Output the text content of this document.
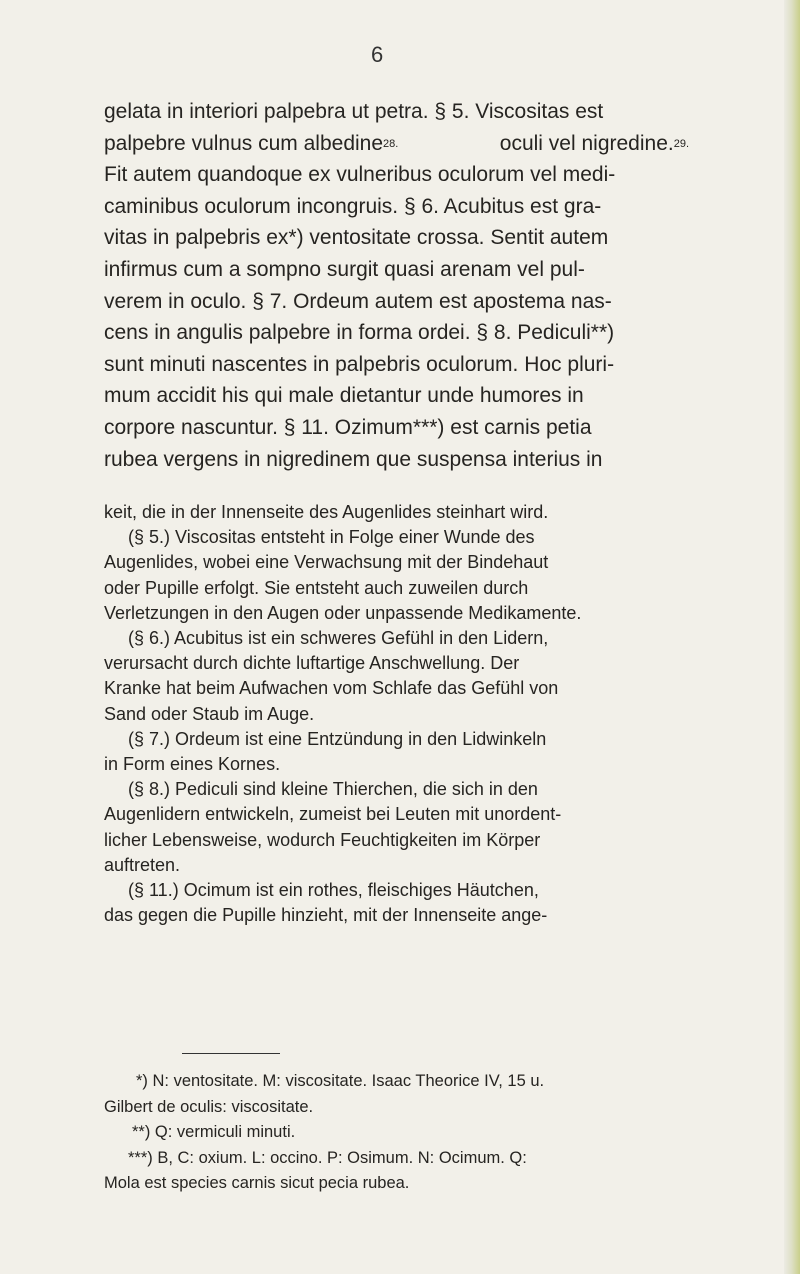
6
gelata in interiori palpebra ut petra. § 5. Viscositas est
palpebre vulnus cum albedine$^{28.}$	oculi vel nigredine.$^{29.}$
Fit autem quandoque ex vulneribus oculorum vel medi-
caminibus oculorum incongruis. § 6. Acubitus est gra-
vitas in palpebris ex*) ventositate crossa. Sentit autem
infirmus cum a sompno surgit quasi arenam vel pul-
verem in oculo. § 7. Ordeum autem est apostema nas-
cens in angulis palpebre in forma ordei. § 8. Pediculi**)
sunt minuti nascentes in palpebris oculorum. Hoc pluri-
mum accidit his qui male dietantur unde humores in
corpore nascuntur. § 11. Ozimum***) est carnis petia
rubea vergens in nigredinem que suspensa interius in
keit, die in der Innenseite des Augenlides steinhart wird.
(§ 5.) Viscositas entsteht in Folge einer Wunde des
Augenlides, wobei eine Verwachsung mit der Bindehaut
oder Pupille erfolgt. Sie entsteht auch zuweilen durch
Verletzungen in den Augen oder unpassende Medikamente.
(§ 6.) Acubitus ist ein schweres Gefühl in den Lidern,
verursacht durch dichte luftartige Anschwellung. Der
Kranke hat beim Aufwachen vom Schlafe das Gefühl von
Sand oder Staub im Auge.
(§ 7.) Ordeum ist eine Entzündung in den Lidwinkeln
in Form eines Kornes.
(§ 8.) Pediculi sind kleine Thierchen, die sich in den
Augenlidern entwickeln, zumeist bei Leuten mit unordent-
licher Lebensweise, wodurch Feuchtigkeiten im Körper
auftreten.
(§ 11.) Ocimum ist ein rothes, fleischiges Häutchen,
das gegen die Pupille hinzieht, mit der Innenseite ange-
*) N: ventositate. M: viscositate. Isaac Theorice IV, 15 u.
Gilbert de oculis: viscositate.
**) Q: vermiculi minuti.
***) B, C: oxium. L: occino. P: Osimum. N: Ocimum. Q:
Mola est species carnis sicut pecia rubea.
